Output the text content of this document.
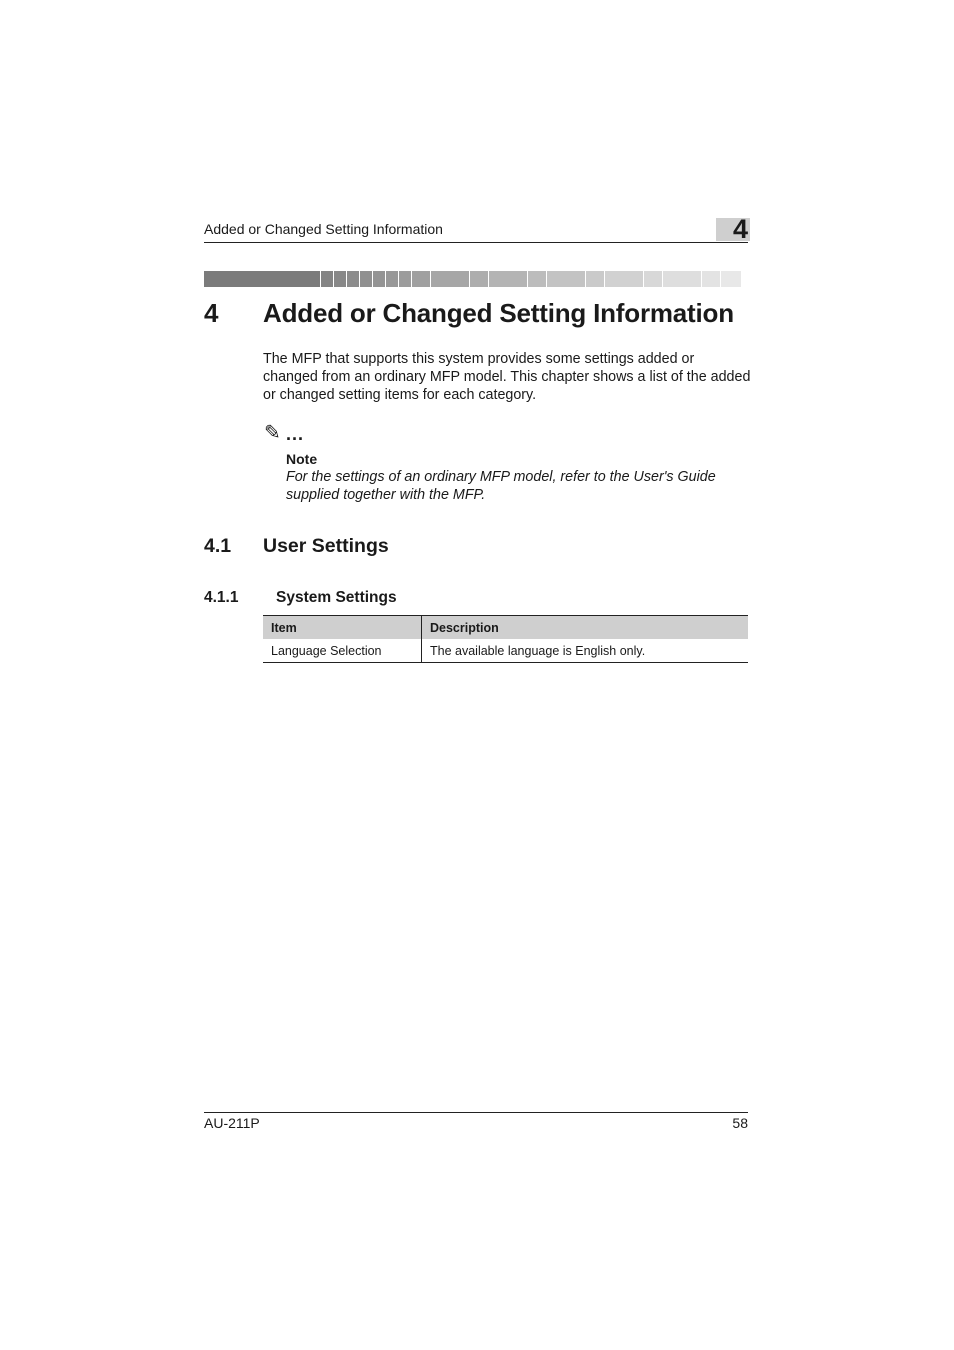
Added or Changed Setting Information	4
4 Added or Changed Setting Information
The MFP that supports this system provides some settings added or changed from an ordinary MFP model. This chapter shows a list of the added or changed setting items for each category.
✎ ...
Note
For the settings of an ordinary MFP model, refer to the User's Guide supplied together with the MFP.
4.1 User Settings
4.1.1 System Settings
Item	Description
Language Selection	The available language is English only.
AU-211P	58
